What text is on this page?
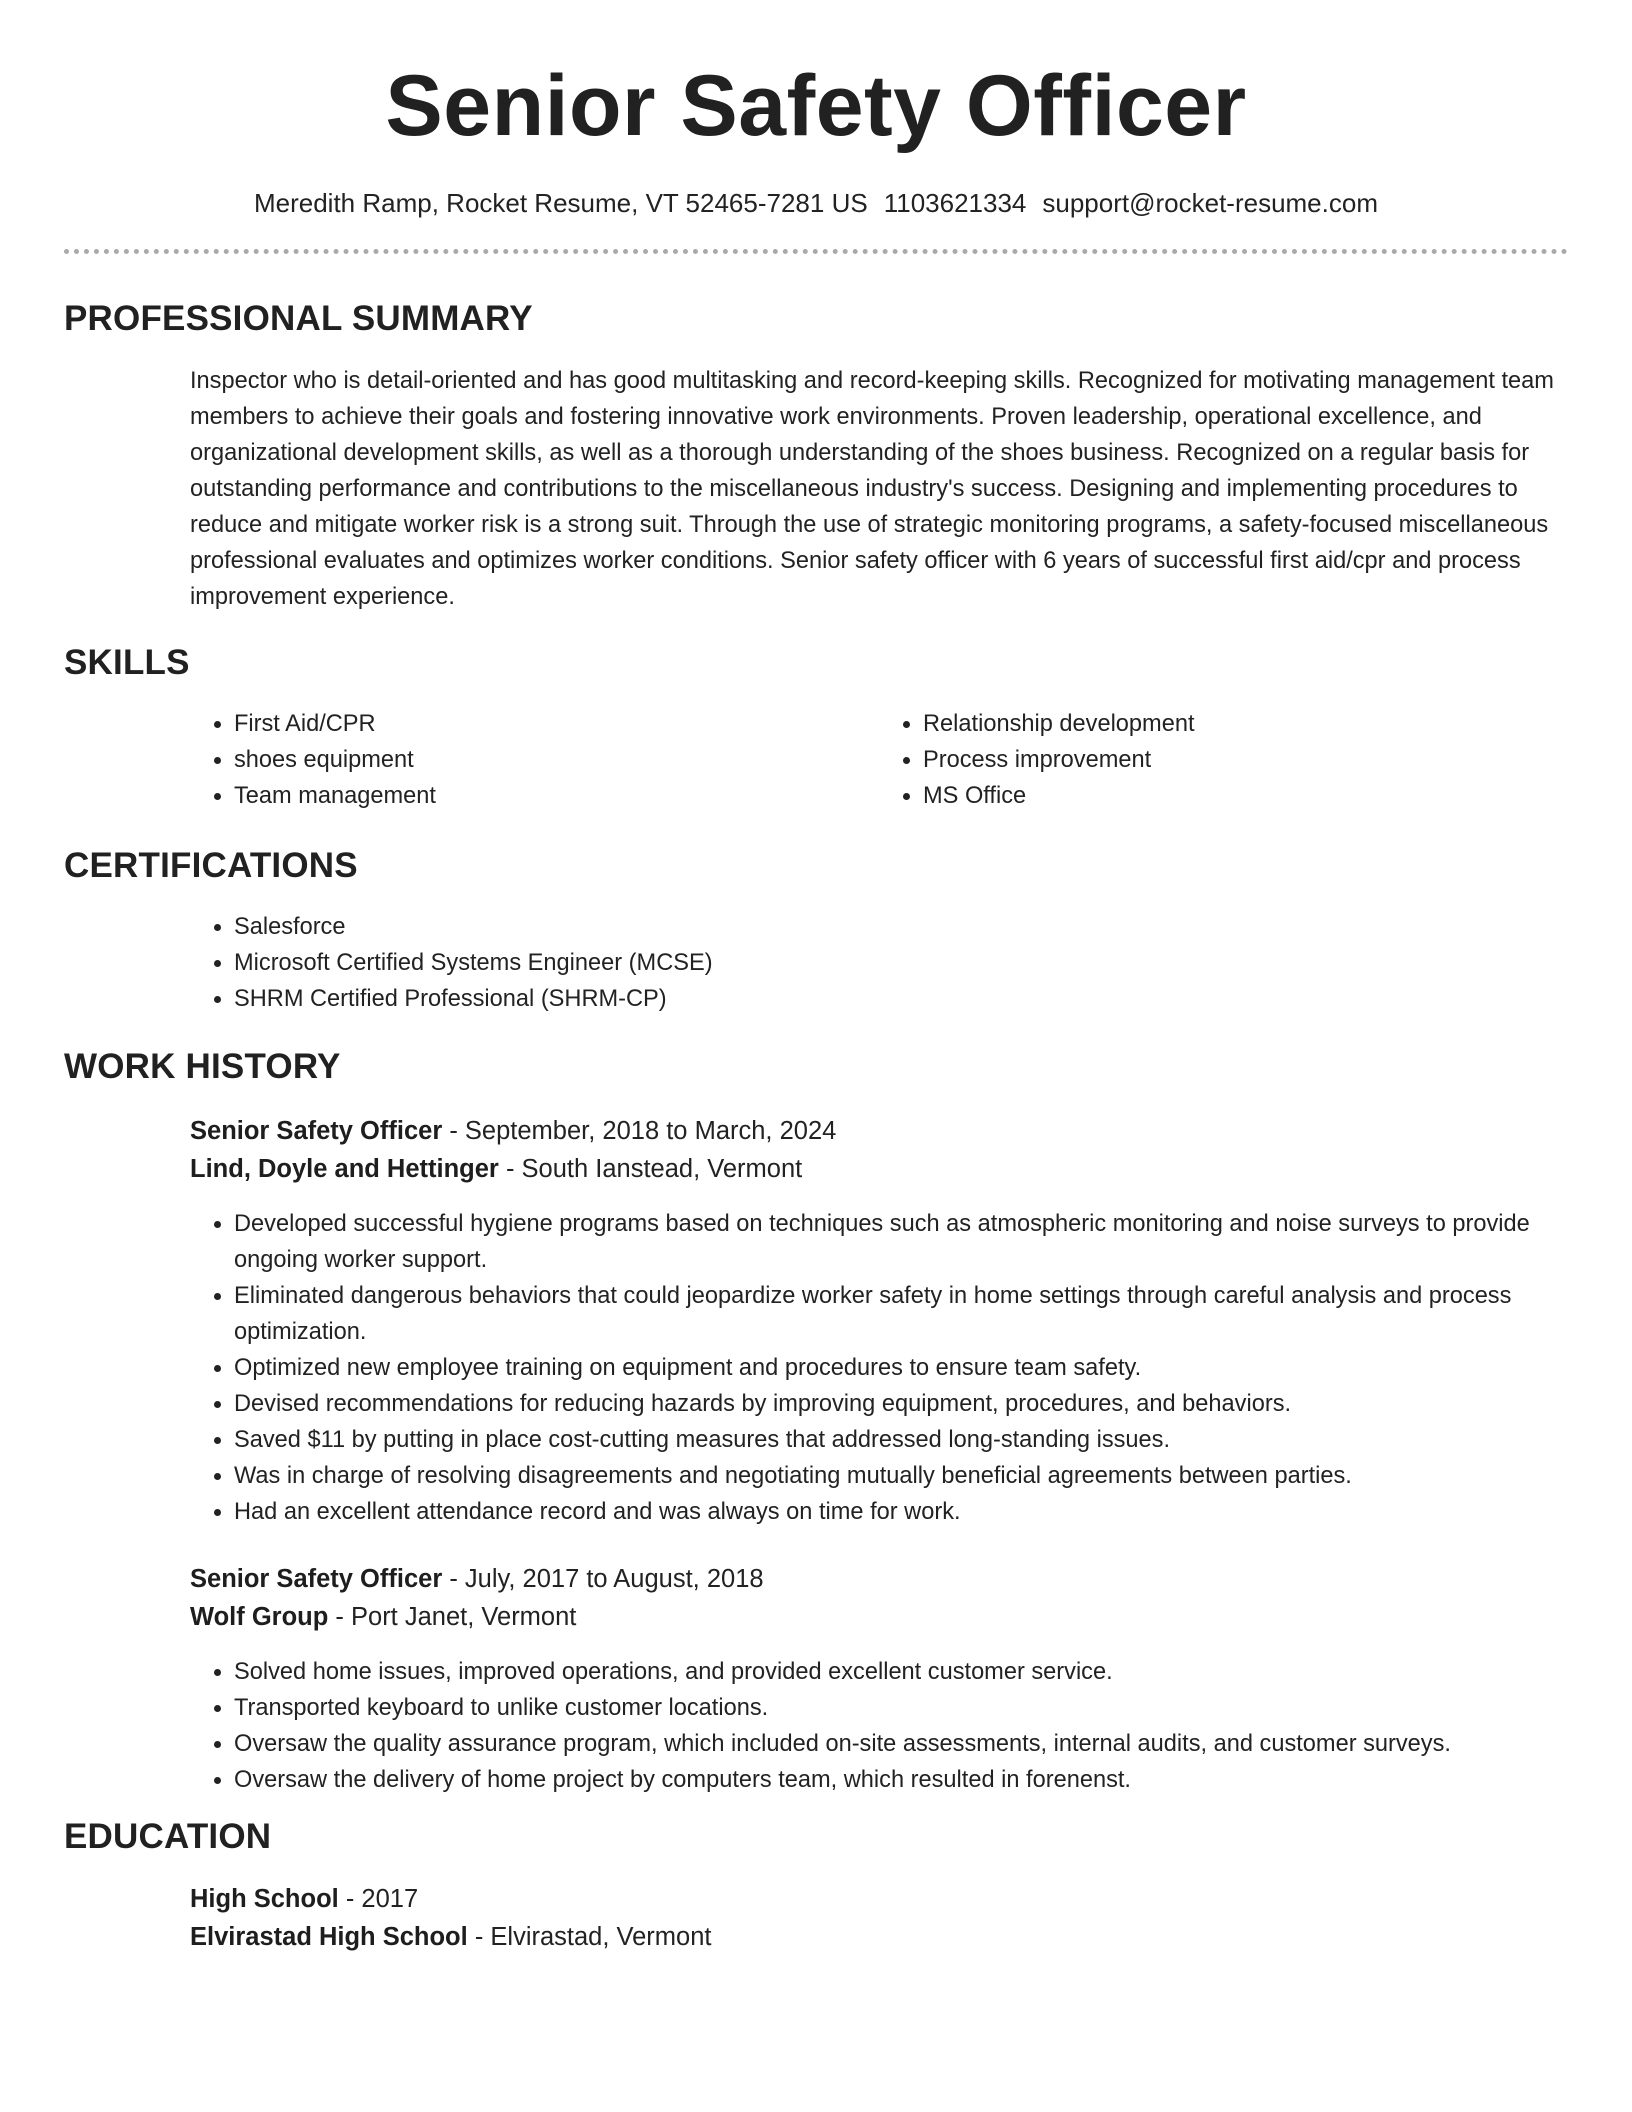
Senior Safety Officer
Meredith Ramp, Rocket Resume, VT 52465-7281 US 1103621334 support@rocket-resume.com
PROFESSIONAL SUMMARY

Inspector who is detail-oriented and has good multitasking and record-keeping skills. Recognized for motivating management team members to achieve their goals and fostering innovative work environments. Proven leadership, operational excellence, and organizational development skills, as well as a thorough understanding of the shoes business. Recognized on a regular basis for outstanding performance and contributions to the miscellaneous industry's success. Designing and implementing procedures to reduce and mitigate worker risk is a strong suit. Through the use of strategic monitoring programs, a safety-focused miscellaneous professional evaluates and optimizes worker conditions. Senior safety officer with 6 years of successful first aid/cpr and process improvement experience.

SKILLS
• First Aid/CPR
• shoes equipment
• Team management
• Relationship development
• Process improvement
• MS Office
CERTIFICATIONS
• Salesforce
• Microsoft Certified Systems Engineer (MCSE)
• SHRM Certified Professional (SHRM-CP)
WORK HISTORY
Senior Safety Officer - September, 2018 to March, 2024
Lind, Doyle and Hettinger - South Ianstead, Vermont
• Developed successful hygiene programs based on techniques such as atmospheric monitoring and noise surveys to provide ongoing worker support.
• Eliminated dangerous behaviors that could jeopardize worker safety in home settings through careful analysis and process optimization.
• Optimized new employee training on equipment and procedures to ensure team safety.
• Devised recommendations for reducing hazards by improving equipment, procedures, and behaviors.
• Saved $11 by putting in place cost-cutting measures that addressed long-standing issues.
• Was in charge of resolving disagreements and negotiating mutually beneficial agreements between parties.
• Had an excellent attendance record and was always on time for work.
Senior Safety Officer - July, 2017 to August, 2018
Wolf Group - Port Janet, Vermont
• Solved home issues, improved operations, and provided excellent customer service.
• Transported keyboard to unlike customer locations.
• Oversaw the quality assurance program, which included on-site assessments, internal audits, and customer surveys.
• Oversaw the delivery of home project by computers team, which resulted in forenenst.
EDUCATION
High School - 2017
Elvirastad High School - Elvirastad, Vermont
